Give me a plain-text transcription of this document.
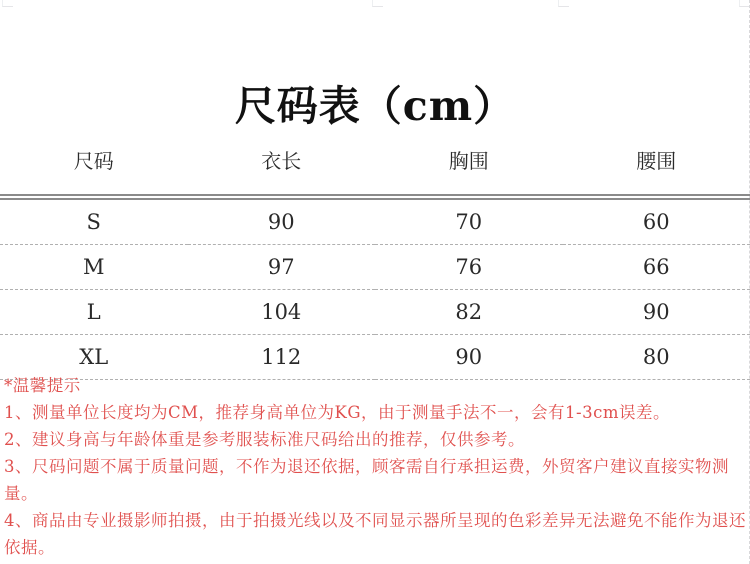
尺码表（cm）
尺码	衣长	胸围	腰围
S	90	70	60
M	97	76	66
L	104	82	90
XL	112	90	80

*温馨提示

1、测量单位长度均为CM，推荐身高单位为KG，由于测量手法不一，会有1-3cm误差。

2、建议身高与年龄体重是参考服装标准尺码给出的推荐，仅供参考。

3、尺码问题不属于质量问题，不作为退还依据，顾客需自行承担运费，外贸客户建议直接实物测量。

4、商品由专业摄影师拍摄，由于拍摄光线以及不同显示器所呈现的色彩差异无法避免不能作为退还依据。
